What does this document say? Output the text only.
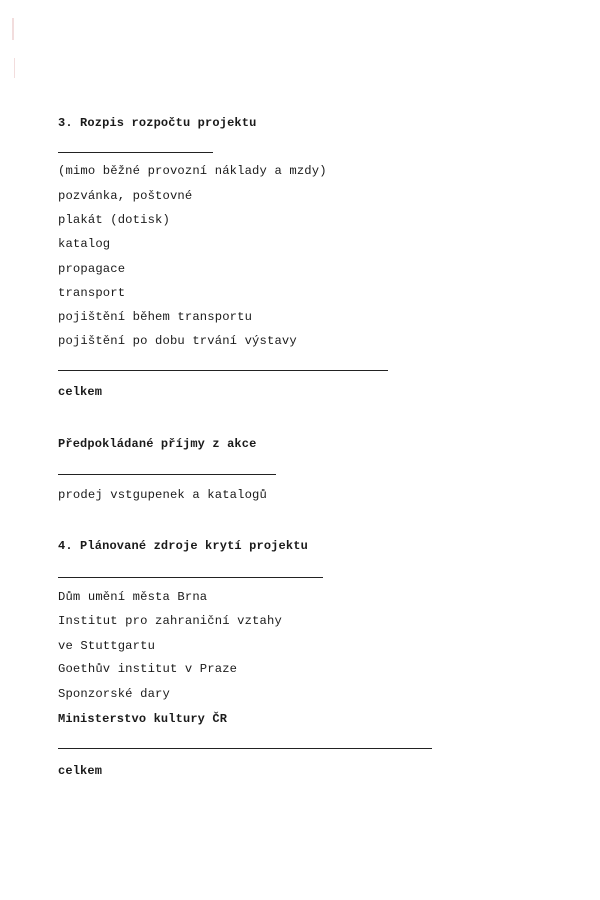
3. Rozpis rozpočtu projektu
(mimo běžné provozní náklady a mzdy)
pozvánka, poštovné
plakát (dotisk)
katalog
propagace
transport
pojištění během transportu
pojištění po dobu trvání výstavy
celkem
Předpokládané příjmy z akce
prodej vstgupenek a katalogů
4. Plánované zdroje krytí projektu
Dům umění města Brna
Institut pro zahraniční vztahy
ve Stuttgartu
Goethův institut v Praze
Sponzorské dary
Ministerstvo kultury ČR
celkem
